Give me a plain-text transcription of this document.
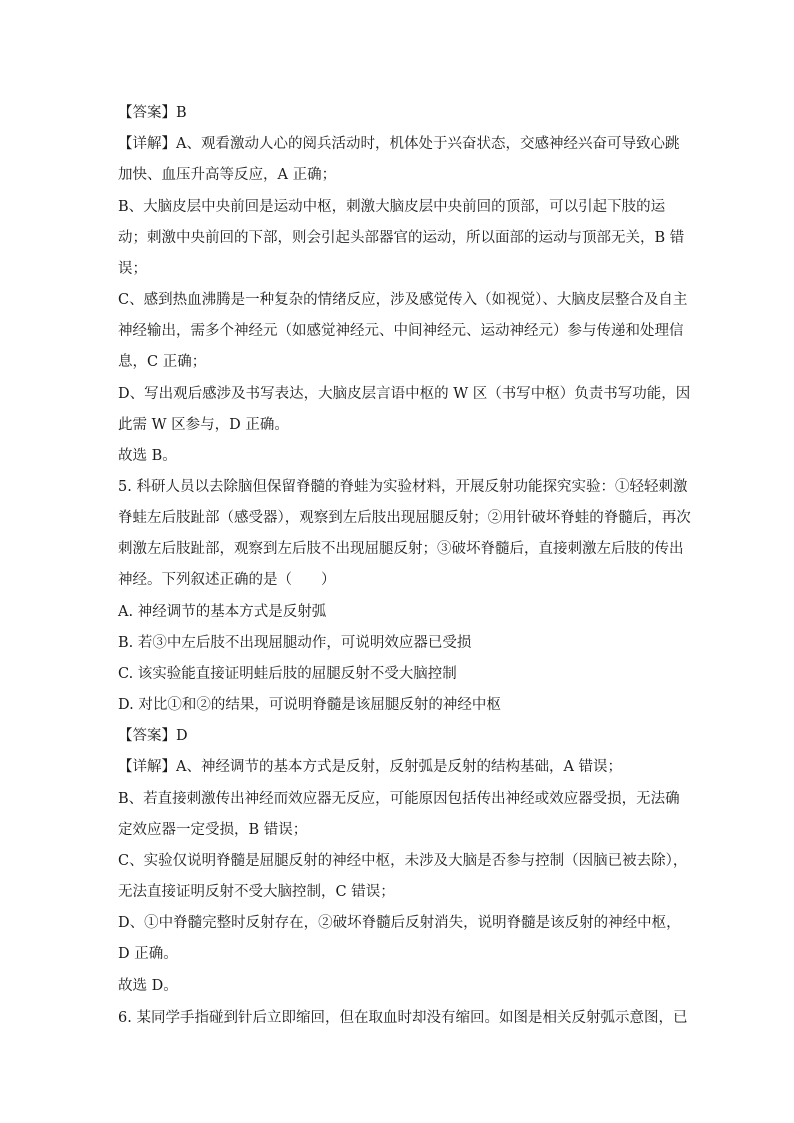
【答案】B
【详解】A、观看激动人心的阅兵活动时，机体处于兴奋状态，交感神经兴奋可导致心跳
加快、血压升高等反应，A 正确；
B、大脑皮层中央前回是运动中枢，刺激大脑皮层中央前回的顶部，可以引起下肢的运
动；刺激中央前回的下部，则会引起头部器官的运动，所以面部的运动与顶部无关，B 错
误；
C、感到热血沸腾是一种复杂的情绪反应，涉及感觉传入（如视觉）、大脑皮层整合及自主
神经输出，需多个神经元（如感觉神经元、中间神经元、运动神经元）参与传递和处理信
息，C 正确；
D、写出观后感涉及书写表达，大脑皮层言语中枢的 W 区（书写中枢）负责书写功能，因
此需 W 区参与，D 正确。
故选 B。
5. 科研人员以去除脑但保留脊髓的脊蛙为实验材料，开展反射功能探究实验：①轻轻刺激
脊蛙左后肢趾部（感受器），观察到左后肢出现屈腿反射；②用针破坏脊蛙的脊髓后，再次
刺激左后肢趾部，观察到左后肢不出现屈腿反射；③破坏脊髓后，直接刺激左后肢的传出
神经。下列叙述正确的是（　　）
A. 神经调节的基本方式是反射弧
B. 若③中左后肢不出现屈腿动作，可说明效应器已受损
C. 该实验能直接证明蛙后肢的屈腿反射不受大脑控制
D. 对比①和②的结果，可说明脊髓是该屈腿反射的神经中枢
【答案】D
【详解】A、神经调节的基本方式是反射，反射弧是反射的结构基础，A 错误；
B、若直接刺激传出神经而效应器无反应，可能原因包括传出神经或效应器受损，无法确
定效应器一定受损，B 错误；
C、实验仅说明脊髓是屈腿反射的神经中枢，未涉及大脑是否参与控制（因脑已被去除），
无法直接证明反射不受大脑控制，C 错误；
D、①中脊髓完整时反射存在，②破坏脊髓后反射消失，说明脊髓是该反射的神经中枢，
D 正确。
故选 D。
6. 某同学手指碰到针后立即缩回，但在取血时却没有缩回。如图是相关反射弧示意图，已
